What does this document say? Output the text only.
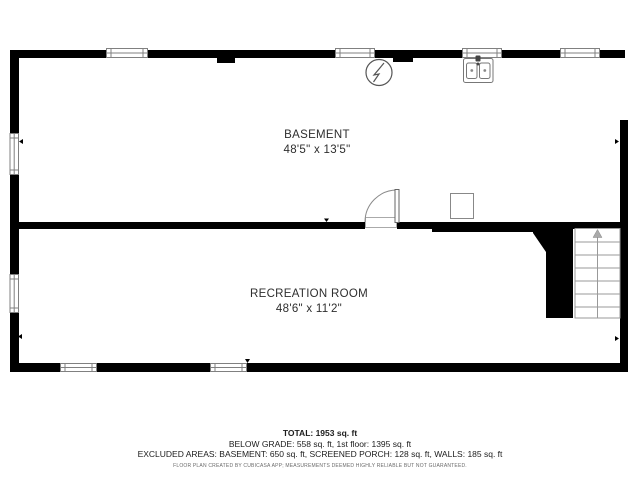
BASEMENT
48'5" x 13'5"
RECREATION ROOM
48'6" x 11'2"
TOTAL: 1953 sq. ft
BELOW GRADE: 558 sq. ft, 1st floor: 1395 sq. ft
EXCLUDED AREAS: BASEMENT: 650 sq. ft, SCREENED PORCH: 128 sq. ft, WALLS: 185 sq. ft
FLOOR PLAN CREATED BY CUBICASA APP; MEASUREMENTS DEEMED HIGHLY RELIABLE BUT NOT GUARANTEED.
